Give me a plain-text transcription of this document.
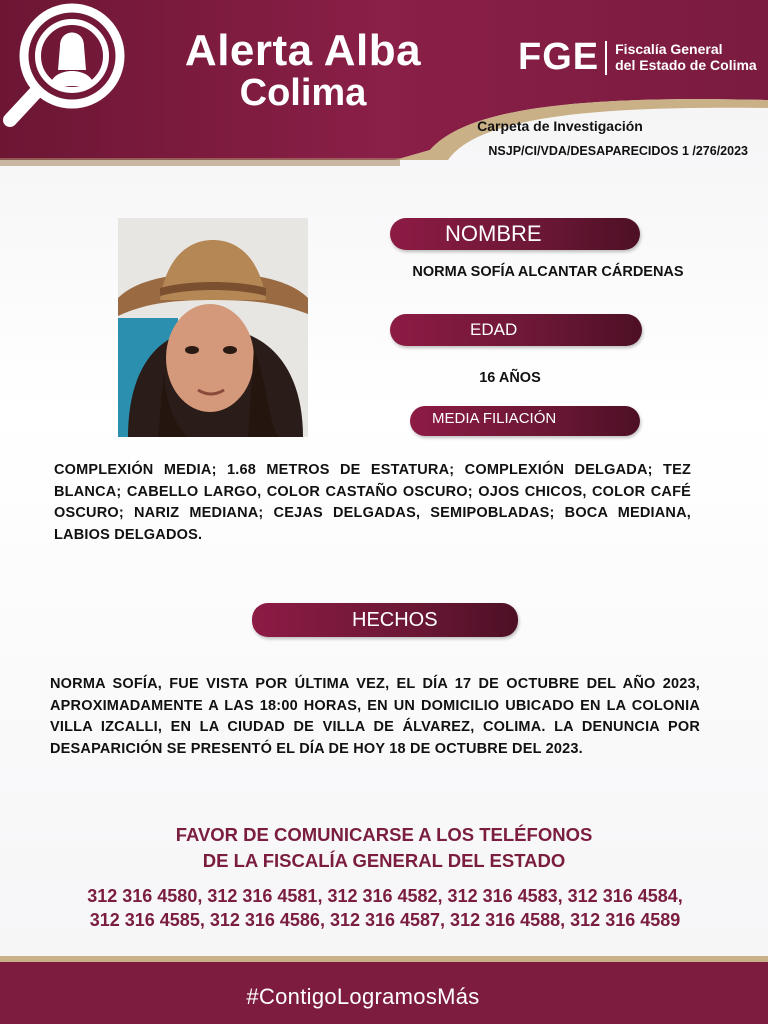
Alerta Alba
Colima
FGE Fiscalía General
del Estado de Colima
Carpeta de Investigación
NSJP/CI/VDA/DESAPARECIDOS 1 /276/2023
NOMBRE
NORMA SOFÍA ALCANTAR CÁRDENAS
EDAD
16 AÑOS
MEDIA FILIACIÓN
COMPLEXIÓN MEDIA; 1.68 METROS DE ESTATURA; COMPLEXIÓN DELGADA; TEZ BLANCA; CABELLO LARGO, COLOR CASTAÑO OSCURO; OJOS CHICOS, COLOR CAFÉ OSCURO; NARIZ MEDIANA; CEJAS DELGADAS, SEMIPOBLADAS; BOCA MEDIANA, LABIOS DELGADOS.
HECHOS
NORMA SOFÍA, FUE VISTA POR ÚLTIMA VEZ, EL DÍA 17 DE OCTUBRE DEL AÑO 2023, APROXIMADAMENTE A LAS 18:00 HORAS, EN UN DOMICILIO UBICADO EN LA COLONIA VILLA IZCALLI, EN LA CIUDAD DE VILLA DE ÁLVAREZ, COLIMA. LA DENUNCIA POR DESAPARICIÓN SE PRESENTÓ EL DÍA DE HOY 18 DE OCTUBRE DEL 2023.
FAVOR DE COMUNICARSE A LOS TELÉFONOS
DE LA FISCALÍA GENERAL DEL ESTADO
312 316 4580, 312 316 4581, 312 316 4582, 312 316 4583, 312 316 4584, 312 316 4585, 312 316 4586, 312 316 4587, 312 316 4588, 312 316 4589
#ContigoLogramosMás
